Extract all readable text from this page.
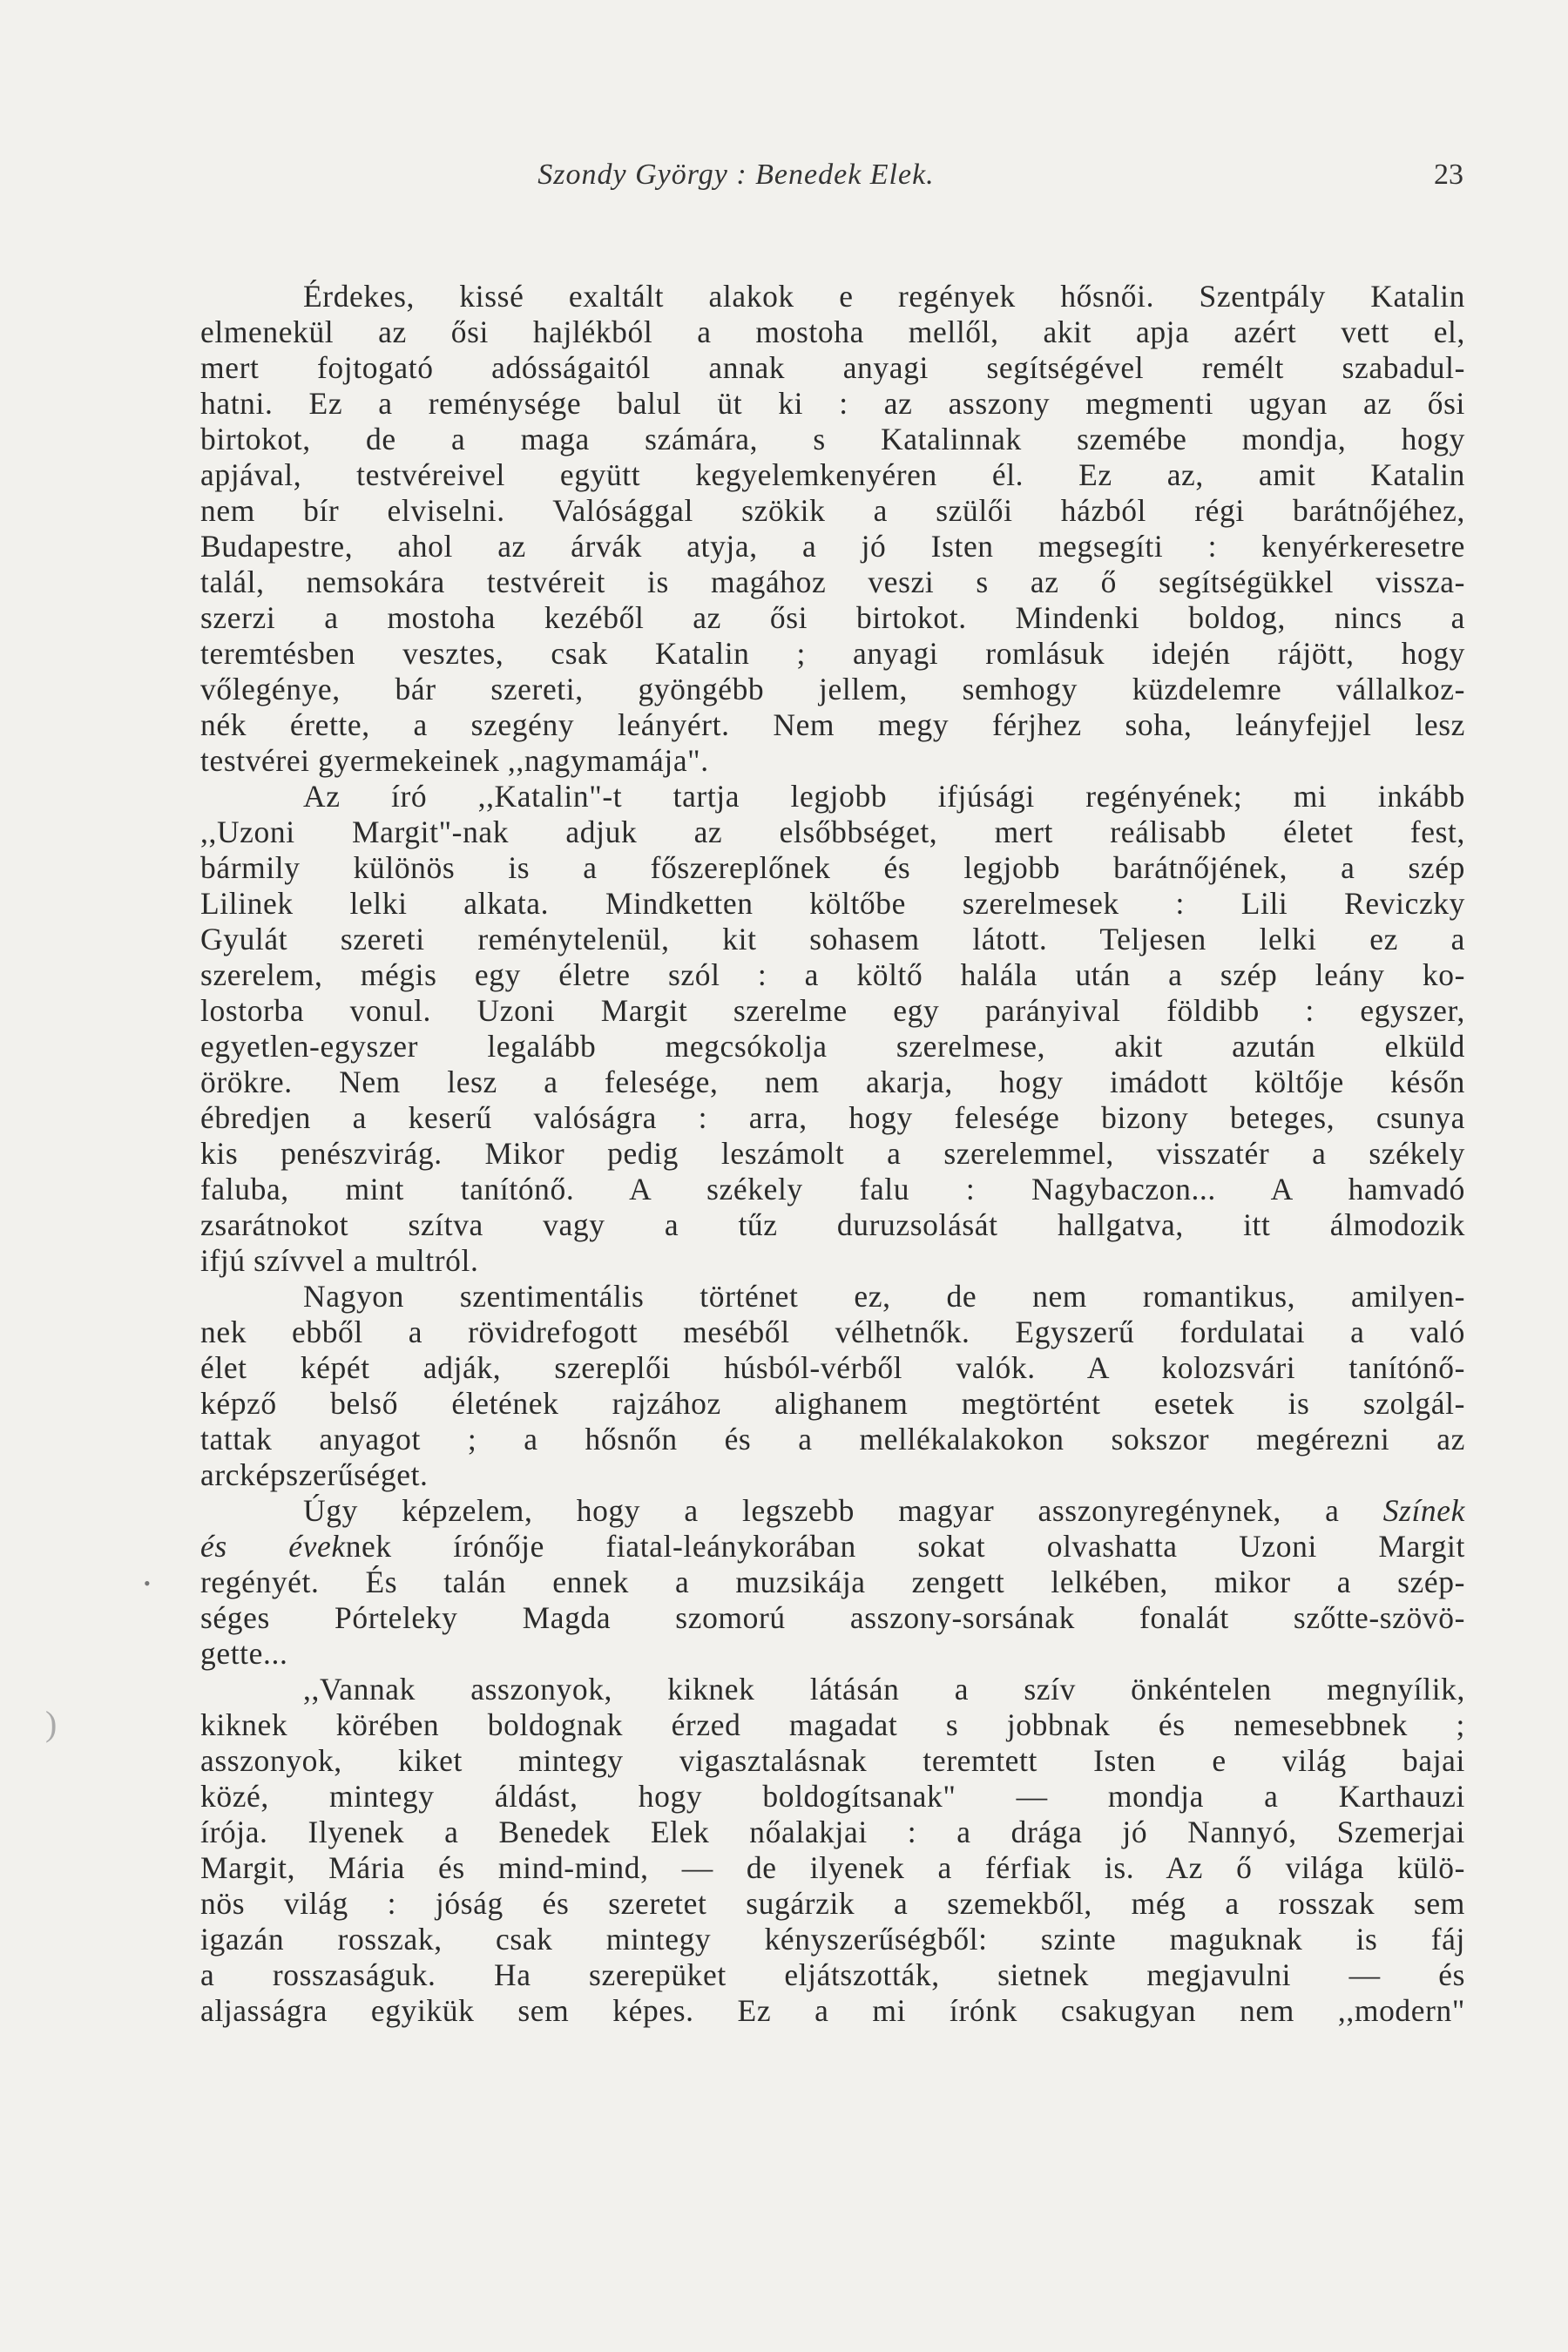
Szondy György : Benedek Elek.	23
Érdekes, kissé exaltált alakok e regények hősnői. Szentpály Katalin
elmenekül az ősi hajlékból a mostoha mellől, akit apja azért vett el,
mert fojtogató adósságaitól annak anyagi segítségével remélt szabadul-
hatni. Ez a reménysége balul üt ki : az asszony megmenti ugyan az ősi
birtokot, de a maga számára, s Katalinnak szemébe mondja, hogy
apjával, testvéreivel együtt kegyelemkenyéren él. Ez az, amit Katalin
nem bír elviselni. Valósággal szökik a szülői házból régi barátnőjéhez,
Budapestre, ahol az árvák atyja, a jó Isten megsegíti : kenyérkeresetre
talál, nemsokára testvéreit is magához veszi s az ő segítségükkel vissza-
szerzi a mostoha kezéből az ősi birtokot. Mindenki boldog, nincs a
teremtésben vesztes, csak Katalin ; anyagi romlásuk idején rájött, hogy
vőlegénye, bár szereti, gyöngébb jellem, semhogy küzdelemre vállalkoz-
nék érette, a szegény leányért. Nem megy férjhez soha, leányfejjel lesz
testvérei gyermekeinek ,,nagymamája".
Az író ,,Katalin"-t tartja legjobb ifjúsági regényének; mi inkább
,,Uzoni Margit"-nak adjuk az elsőbbséget, mert reálisabb életet fest,
bármily különös is a főszereplőnek és legjobb barátnőjének, a szép
Lilinek lelki alkata. Mindketten költőbe szerelmesek : Lili Reviczky
Gyulát szereti reménytelenül, kit sohasem látott. Teljesen lelki ez a
szerelem, mégis egy életre szól : a költő halála után a szép leány ko-
lostorba vonul. Uzoni Margit szerelme egy parányival földibb : egyszer,
egyetlen-egyszer legalább megcsókolja szerelmese, akit azután elküld
örökre. Nem lesz a felesége, nem akarja, hogy imádott költője későn
ébredjen a keserű valóságra : arra, hogy felesége bizony beteges, csunya
kis penészvirág. Mikor pedig leszámolt a szerelemmel, visszatér a székely
faluba, mint tanítónő. A székely falu : Nagybaczon... A hamvadó
zsarátnokot szítva vagy a tűz duruzsolását hallgatva, itt álmodozik
ifjú szívvel a multról.
Nagyon szentimentális történet ez, de nem romantikus, amilyen-
nek ebből a rövidrefogott meséből vélhetnők. Egyszerű fordulatai a való
élet képét adják, szereplői húsból-vérből valók. A kolozsvári tanítónő-
képző belső életének rajzához alighanem megtörtént esetek is szolgál-
tattak anyagot ; a hősnőn és a mellékalakokon sokszor megérezni az
arcképszerűséget.
Úgy képzelem, hogy a legszebb magyar asszonyregénynek, a Színek
és éveknek írónője fiatal-leánykorában sokat olvashatta Uzoni Margit
regényét. És talán ennek a muzsikája zengett lelkében, mikor a szép-
séges Pórteleky Magda szomorú asszony-sorsának fonalát szőtte-szövö-
gette...
,,Vannak asszonyok, kiknek látásán a szív önkéntelen megnyílik,
kiknek körében boldognak érzed magadat s jobbnak és nemesebbnek ;
asszonyok, kiket mintegy vigasztalásnak teremtett Isten e világ bajai
közé, mintegy áldást, hogy boldogítsanak" — mondja a Karthauzi
írója. Ilyenek a Benedek Elek nőalakjai : a drága jó Nannyó, Szemerjai
Margit, Mária és mind-mind, — de ilyenek a férfiak is. Az ő világa külö-
nös világ : jóság és szeretet sugárzik a szemekből, még a rosszak sem
igazán rosszak, csak mintegy kényszerűségből: szinte maguknak is fáj
a rosszaságuk. Ha szerepüket eljátszották, sietnek megjavulni — és
aljasságra egyikük sem képes. Ez a mi írónk csakugyan nem ,,modern"
•
)
